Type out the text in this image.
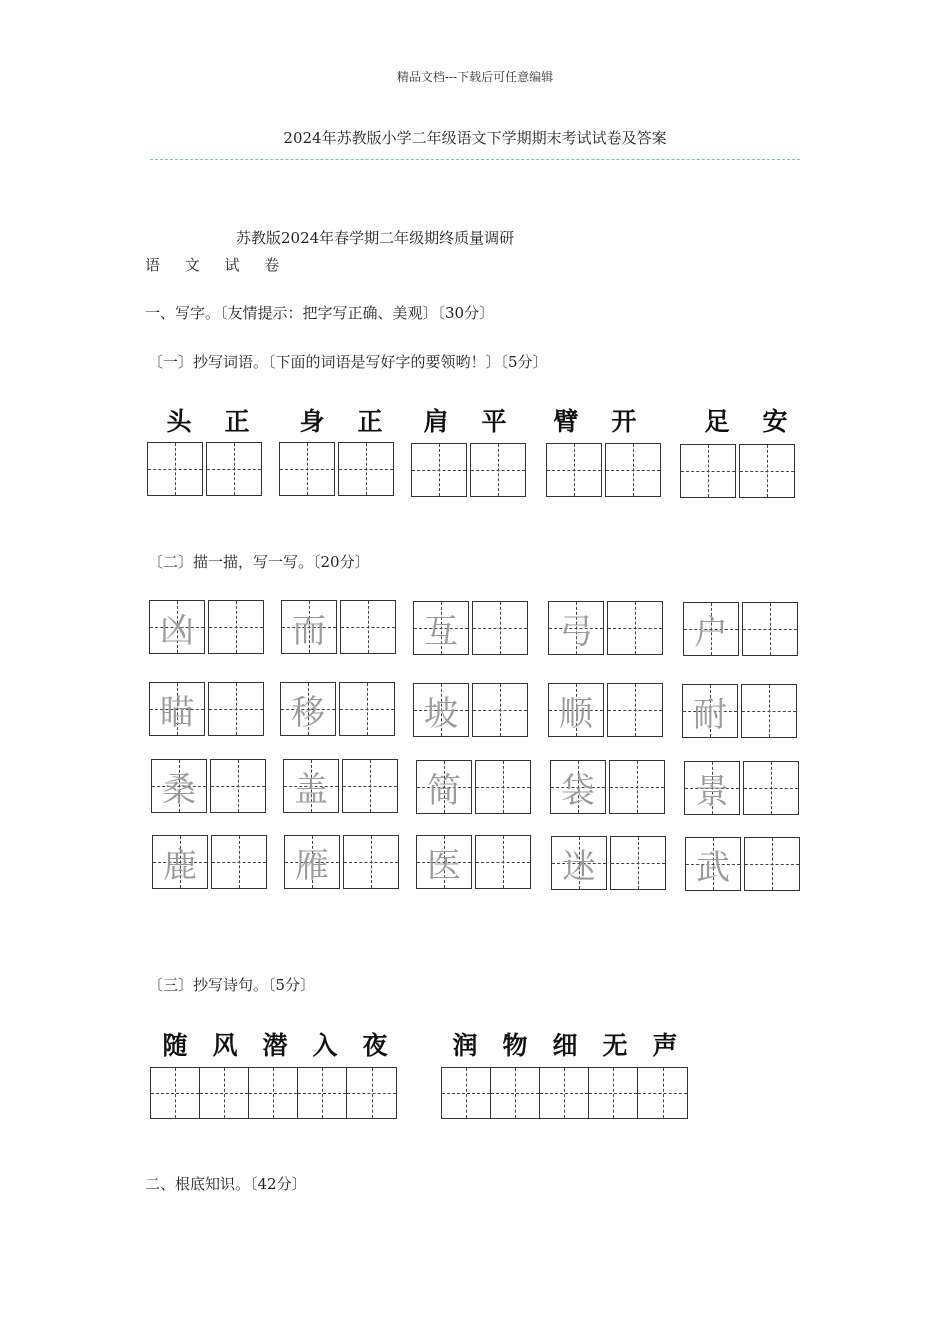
精品文档---下载后可任意编辑
2024年苏教版小学二年级语文下学期期末考试试卷及答案
苏教版2024年春学期二年级期终质量调研
语 文 试 卷
一、写字。〔友情提示：把字写正确、美观〕〔30分〕
〔一〕抄写词语。〔下面的词语是写好字的要领哟！〕〔5分〕
头	正	身	正	肩	平	臂	开	足	安
〔二〕描一描，写一写。〔20分〕
凶	而	互	弓	户
瞄	移	坡	顺	耐
桑	盖	简	袋	景
鹿	雁	医	迷	武
〔三〕抄写诗句。〔5分〕
随 风 潜 入 夜	润 物 细 无 声
二、根底知识。〔42分〕
